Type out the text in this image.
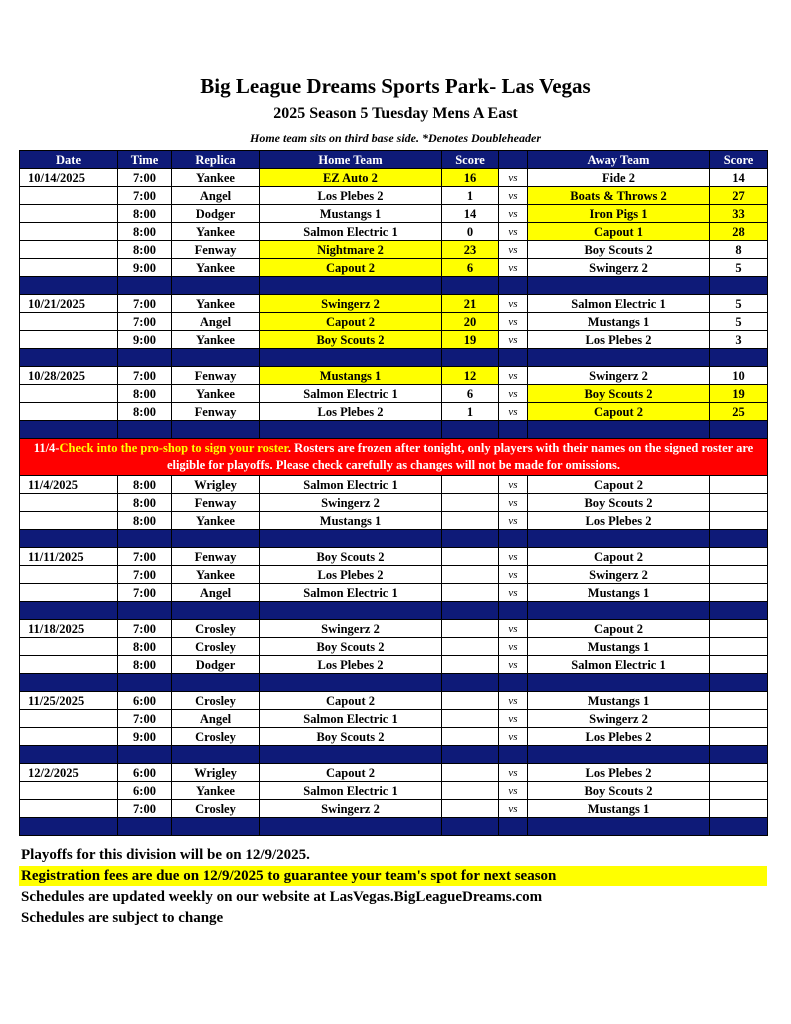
Big League Dreams Sports Park- Las Vegas
2025 Season 5 Tuesday Mens A East
Home team sits on third base side. *Denotes Doubleheader
Date	Time	Replica	Home Team	Score		Away Team	Score
10/14/2025	7:00	Yankee	EZ Auto 2	16	vs	Fide 2	14
	7:00	Angel	Los Plebes 2	1	vs	Boats & Throws 2	27
	8:00	Dodger	Mustangs 1	14	vs	Iron Pigs 1	33
	8:00	Yankee	Salmon Electric 1	0	vs	Capout 1	28
	8:00	Fenway	Nightmare 2	23	vs	Boy Scouts 2	8
	9:00	Yankee	Capout 2	6	vs	Swingerz 2	5

10/21/2025	7:00	Yankee	Swingerz 2	21	vs	Salmon Electric 1	5
	7:00	Angel	Capout 2	20	vs	Mustangs 1	5
	9:00	Yankee	Boy Scouts 2	19	vs	Los Plebes 2	3

10/28/2025	7:00	Fenway	Mustangs 1	12	vs	Swingerz 2	10
	8:00	Yankee	Salmon Electric 1	6	vs	Boy Scouts 2	19
	8:00	Fenway	Los Plebes 2	1	vs	Capout 2	25

11/4-Check into the pro-shop to sign your roster. Rosters are frozen after tonight, only players with their names on the signed roster are eligible for playoffs. Please check carefully as changes will not be made for omissions.							
11/4/2025	8:00	Wrigley	Salmon Electric 1		vs	Capout 2	
	8:00	Fenway	Swingerz 2		vs	Boy Scouts 2	
	8:00	Yankee	Mustangs 1		vs	Los Plebes 2	

11/11/2025	7:00	Fenway	Boy Scouts 2		vs	Capout 2	
	7:00	Yankee	Los Plebes 2		vs	Swingerz 2	
	7:00	Angel	Salmon Electric 1		vs	Mustangs 1	

11/18/2025	7:00	Crosley	Swingerz 2		vs	Capout 2	
	8:00	Crosley	Boy Scouts 2		vs	Mustangs 1	
	8:00	Dodger	Los Plebes 2		vs	Salmon Electric 1	

11/25/2025	6:00	Crosley	Capout 2		vs	Mustangs 1	
	7:00	Angel	Salmon Electric 1		vs	Swingerz 2	
	9:00	Crosley	Boy Scouts 2		vs	Los Plebes 2	

12/2/2025	6:00	Wrigley	Capout 2		vs	Los Plebes 2	
	6:00	Yankee	Salmon Electric 1		vs	Boy Scouts 2	
	7:00	Crosley	Swingerz 2		vs	Mustangs 1	

Playoffs for this division will be on 12/9/2025.
Registration fees are due on 12/9/2025 to guarantee your team's spot for next season
Schedules are updated weekly on our website at LasVegas.BigLeagueDreams.com
Schedules are subject to change
